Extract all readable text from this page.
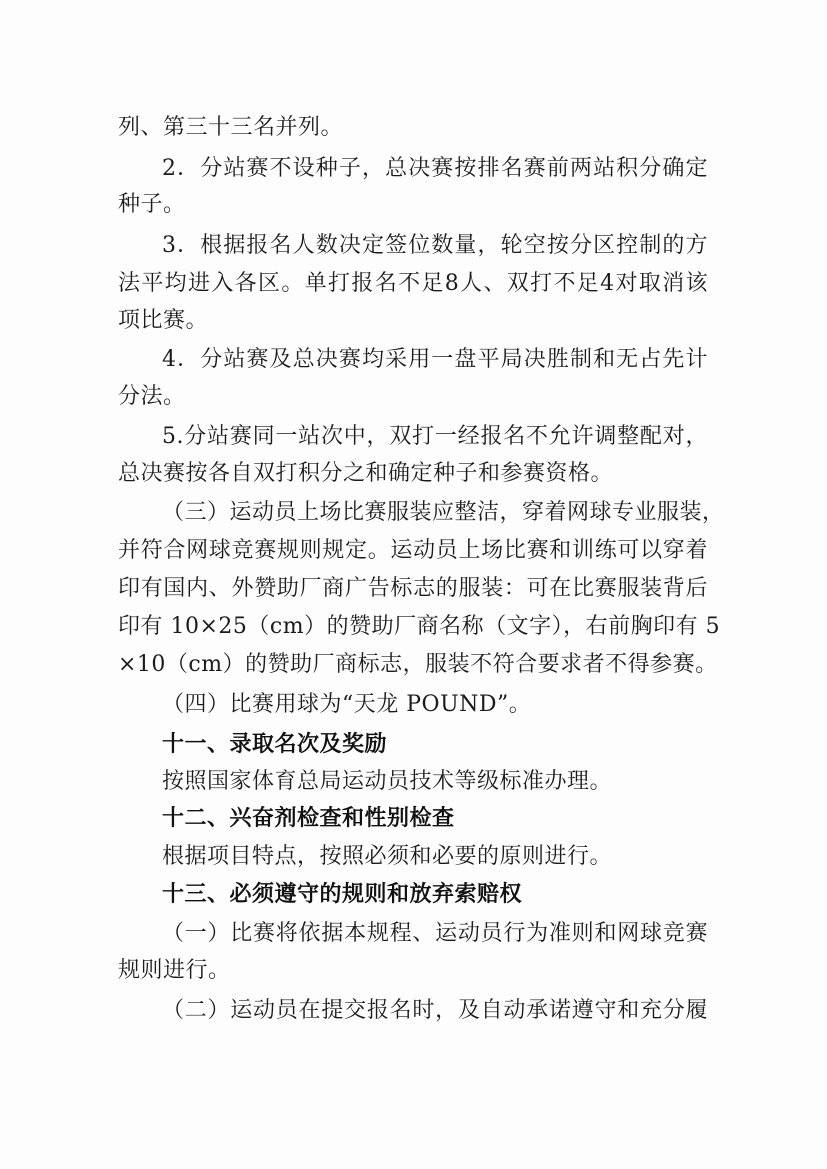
列、第三十三名并列。
2．分站赛不设种子，总决赛按排名赛前两站积分确定
种子。
3．根据报名人数决定签位数量，轮空按分区控制的方
法平均进入各区。单打报名不足8人、双打不足4对取消该
项比赛。
4．分站赛及总决赛均采用一盘平局决胜制和无占先计
分法。
5.分站赛同一站次中，双打一经报名不允许调整配对，
总决赛按各自双打积分之和确定种子和参赛资格。
（三）运动员上场比赛服装应整洁，穿着网球专业服装，
并符合网球竞赛规则规定。运动员上场比赛和训练可以穿着
印有国内、外赞助厂商广告标志的服装：可在比赛服装背后
印有 10×25（cm）的赞助厂商名称（文字），右前胸印有 5
×10（cm）的赞助厂商标志，服装不符合要求者不得参赛。
（四）比赛用球为“天龙 POUND”。
十一、录取名次及奖励
按照国家体育总局运动员技术等级标准办理。
十二、兴奋剂检查和性别检查
根据项目特点，按照必须和必要的原则进行。
十三、必须遵守的规则和放弃索赔权
（一）比赛将依据本规程、运动员行为准则和网球竞赛
规则进行。
（二）运动员在提交报名时，及自动承诺遵守和充分履
